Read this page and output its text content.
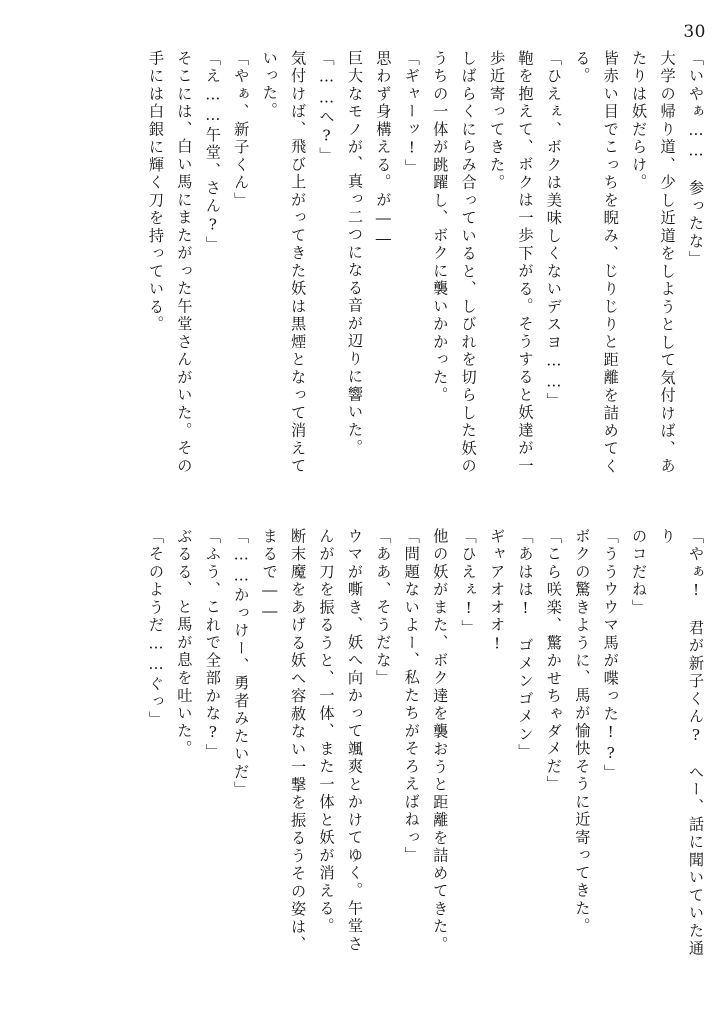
30
「いやぁ……　参ったな」
大学の帰り道、少し近道をしようとして気付けば、あ
たりは妖だらけ。
皆赤い目でこっちを睨み、じりじりと距離を詰めてく
る。
「ひえぇ、ボクは美味しくないデスヨ……」
鞄を抱えて、ボクは一歩下がる。そうすると妖達が一
歩近寄ってきた。
しばらくにらみ合っていると、しびれを切らした妖の
うちの一体が跳躍し、ボクに襲いかかった。
「ギャーッ!」
思わず身構える。が――
巨大なモノが、真っ二つになる音が辺りに響いた。
「……へ?」
気付けば、飛び上がってきた妖は黒煙となって消えて
いった。
「やぁ、新子くん」
「え……午堂、さん?」
そこには、白い馬にまたがった午堂さんがいた。その
手には白銀に輝く刀を持っている。
「やぁ!　君が新子くん?　へー、話に聞いていた通り
のコだね」
「ううウウマ馬が喋った!?」
ボクの驚きように、馬が愉快そうに近寄ってきた。
「こら咲楽、驚かせちゃダメだ」
「あはは!　ゴメンゴメン」
ギャアオオオ!
「ひえぇ!」
他の妖がまた、ボク達を襲おうと距離を詰めてきた。
「問題ないよー、私たちがそろえばねっ」
「ああ、そうだな」
ウマが嘶き、妖へ向かって颯爽とかけてゆく。午堂さ
んが刀を振るうと、一体、また一体と妖が消える。
断末魔をあげる妖へ容赦ない一撃を振るうその姿は、
まるで――
「……かっけー、勇者みたいだ」
「ふう、これで全部かな?」
ぶるる、と馬が息を吐いた。
「そのようだ……ぐっ」
